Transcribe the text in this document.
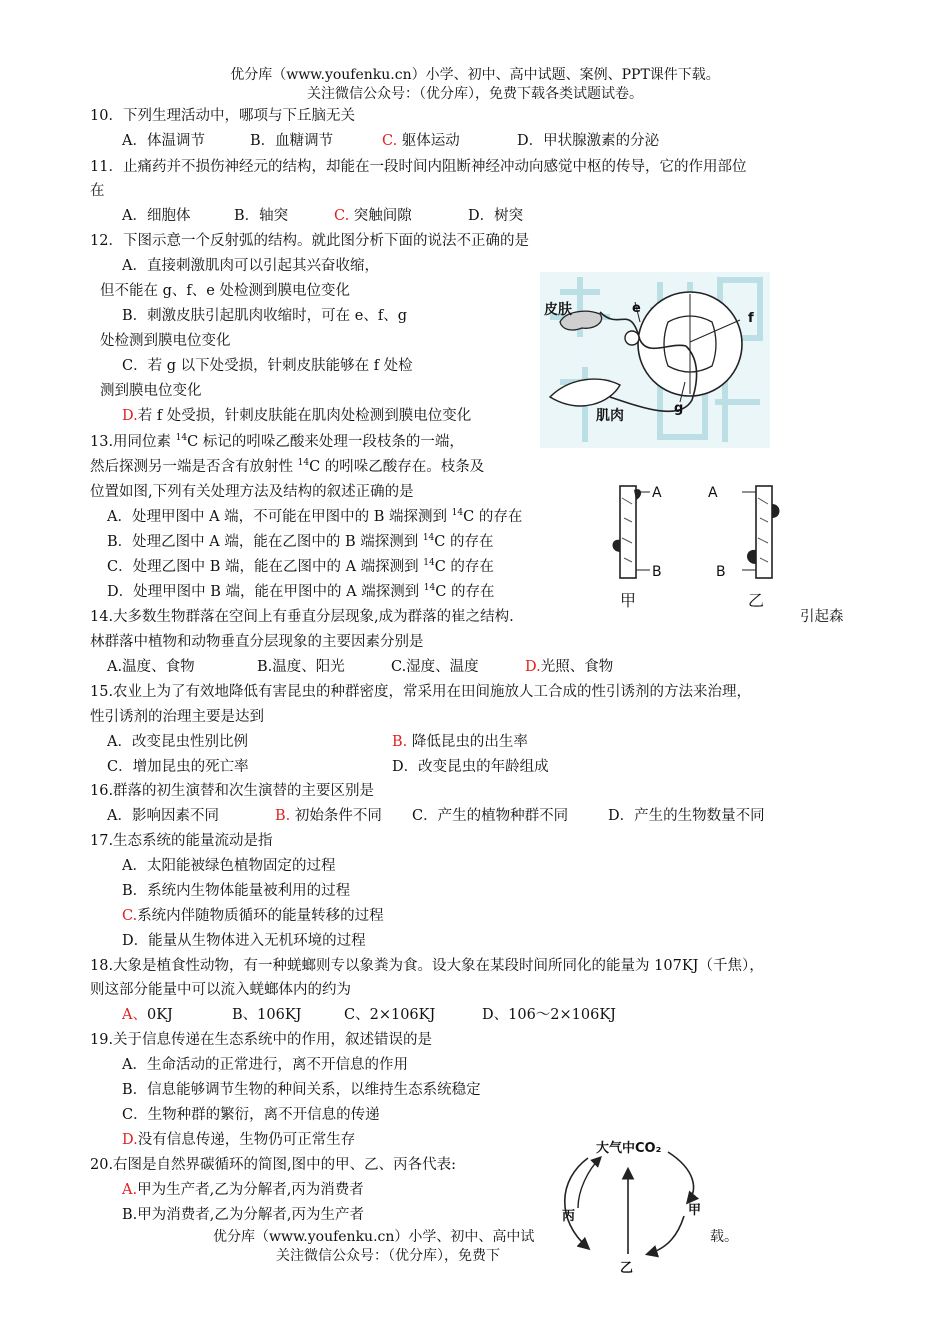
优分库（www.youfenku.cn）小学、初中、高中试题、案例、PPT课件下载。
关注微信公众号：（优分库），免费下载各类试题试卷。
10．下列生理活动中，哪项与下丘脑无关
A．体温调节	B．血糖调节	C. 躯体运动	D．甲状腺激素的分泌
11．止痛药并不损伤神经元的结构，却能在一段时间内阻断神经冲动向感觉中枢的传导，它的作用部位
在
A．细胞体	B．轴突	C. 突触间隙	D．树突
12．下图示意一个反射弧的结构。就此图分析下面的说法不正确的是
A．直接刺激肌肉可以引起其兴奋收缩，
但不能在 g、f、e 处检测到膜电位变化
B．刺激皮肤引起肌肉收缩时，可在 e、f、g
处检测到膜电位变化
C．若 g 以下处受损，针刺皮肤能够在 f 处检
测到膜电位变化
D.若 f 处受损，针刺皮肤能在肌肉处检测到膜电位变化
皮肤
肌肉
e
f
g
13.用同位素 $^{14}$C 标记的吲哚乙酸来处理一段枝条的一端，
然后探测另一端是否含有放射性 $^{14}$C 的吲哚乙酸存在。枝条及
位置如图,下列有关处理方法及结构的叙述正确的是
A．处理甲图中 A 端，不可能在甲图中的 B 端探测到 $^{14}$C 的存在
B．处理乙图中 A 端，能在乙图中的 B 端探测到 $^{14}$C 的存在
C．处理乙图中 B 端，能在乙图中的 A 端探测到 $^{14}$C 的存在
D．处理甲图中 B 端，能在甲图中的 A 端探测到 $^{14}$C 的存在
A
B
甲
A
B
乙
14.大多数生物群落在空间上有垂直分层现象,成为群落的崔之结构.	引起森
林群落中植物和动物垂直分层现象的主要因素分别是
A.温度、食物	B.温度、阳光	C.湿度、温度	D.光照、食物
15.农业上为了有效地降低有害昆虫的种群密度，常采用在田间施放人工合成的性引诱剂的方法来治理，
性引诱剂的治理主要是达到
A．改变昆虫性别比例	B. 降低昆虫的出生率
C．增加昆虫的死亡率	D．改变昆虫的年龄组成
16.群落的初生演替和次生演替的主要区别是
A．影响因素不同	B. 初始条件不同 C．产生的植物种群不同	D．产生的生物数量不同
17.生态系统的能量流动是指
A．太阳能被绿色植物固定的过程
B．系统内生物体能量被利用的过程
C.系统内伴随物质循环的能量转移的过程
D．能量从生物体进入无机环境的过程
18.大象是植食性动物，有一种蜣螂则专以象粪为食。设大象在某段时间所同化的能量为 107KJ（千焦），
则这部分能量中可以流入蜣螂体内的约为
A、0KJ	B、106KJ	C、2×106KJ	D、106～2×106KJ
19.关于信息传递在生态系统中的作用，叙述错误的是
A．生命活动的正常进行，离不开信息的作用
B．信息能够调节生物的种间关系，以维持生态系统稳定
C．生物种群的繁衍，离不开信息的传递
D.没有信息传递，生物仍可正常生存
20.右图是自然界碳循环的简图,图中的甲、乙、丙各代表:
A.甲为生产者,乙为分解者,丙为消费者
B.甲为消费者,乙为分解者,丙为生产者
优分库（www.youfenku.cn）小学、初中、高中试	载。
关注微信公众号：（优分库），免费下
大气中CO₂
甲
乙
丙
